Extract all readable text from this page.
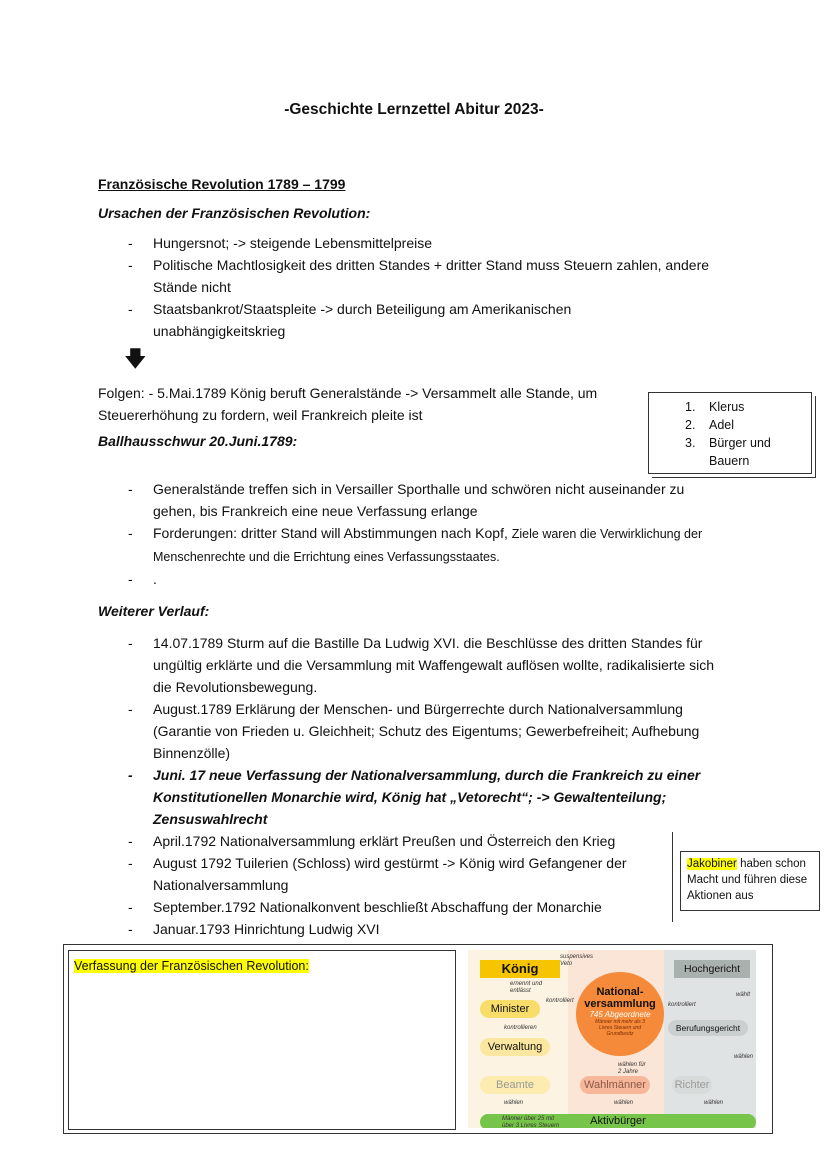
-Geschichte Lernzettel Abitur 2023-
Französische Revolution 1789 – 1799
Ursachen der Französischen Revolution:
- Hungersnot; -> steigende Lebensmittelpreise
- Politische Machtlosigkeit des dritten Standes + dritter Stand muss Steuern zahlen, andere Stände nicht
- Staatsbankrot/Staatspleite -> durch Beteiligung am Amerikanischen unabhängigkeitskrieg
🡇
Folgen: - 5.Mai.1789 König beruft Generalstände -> Versammelt alle Stande, um Steuererhöhung zu fordern, weil Frankreich pleite ist
Ballhausschwur 20.Juni.1789:
- Generalstände treffen sich in Versailler Sporthalle und schwören nicht auseinander zu gehen, bis Frankreich eine neue Verfassung erlange
- Forderungen: dritter Stand will Abstimmungen nach Kopf, Ziele waren die Verwirklichung der Menschenrechte und die Errichtung eines Verfassungsstaates.
- .
Weiterer Verlauf:
- 14.07.1789 Sturm auf die Bastille Da Ludwig XVI. die Beschlüsse des dritten Standes für ungültig erklärte und die Versammlung mit Waffengewalt auflösen wollte, radikalisierte sich die Revolutionsbewegung.
- August.1789 Erklärung der Menschen- und Bürgerrechte durch Nationalversammlung (Garantie von Frieden u. Gleichheit; Schutz des Eigentums; Gewerbefreiheit; Aufhebung Binnenzölle)
- Juni. 17 neue Verfassung der Nationalversammlung, durch die Frankreich zu einer Konstitutionellen Monarchie wird, König hat „Vetorecht“; -> Gewaltenteilung; Zensuswahlrecht
- April.1792 Nationalversammlung erklärt Preußen und Österreich den Krieg
- August 1792 Tuilerien (Schloss) wird gestürmt -> König wird Gefangener der Nationalversammlung
- September.1792 Nationalkonvent beschließt Abschaffung der Monarchie
- Januar.1793 Hinrichtung Ludwig XVI
1. Klerus
2. Adel
3.	Bürger und Bauern
Jakobiner haben schon Macht und führen diese Aktionen aus
Verfassung der Französischen Revolution:	König
Minister
Verwaltung
Beamte
National-
versammlung
745 Abgeordnete
Männer mit mehr als 3 Livres Steuern und Grundbesitz
Wahlmänner
Hochgericht
Berufungsgericht
Richter
Aktivbürger
suspensives Veto
ernennt und entlässt
kontrolliert
kontrollieren
wählen für 2 Jahre
kontrolliert
wählt
wählen
wählen	wählen	wählen
Männer über 25 mit über 3 Livres Steuern
